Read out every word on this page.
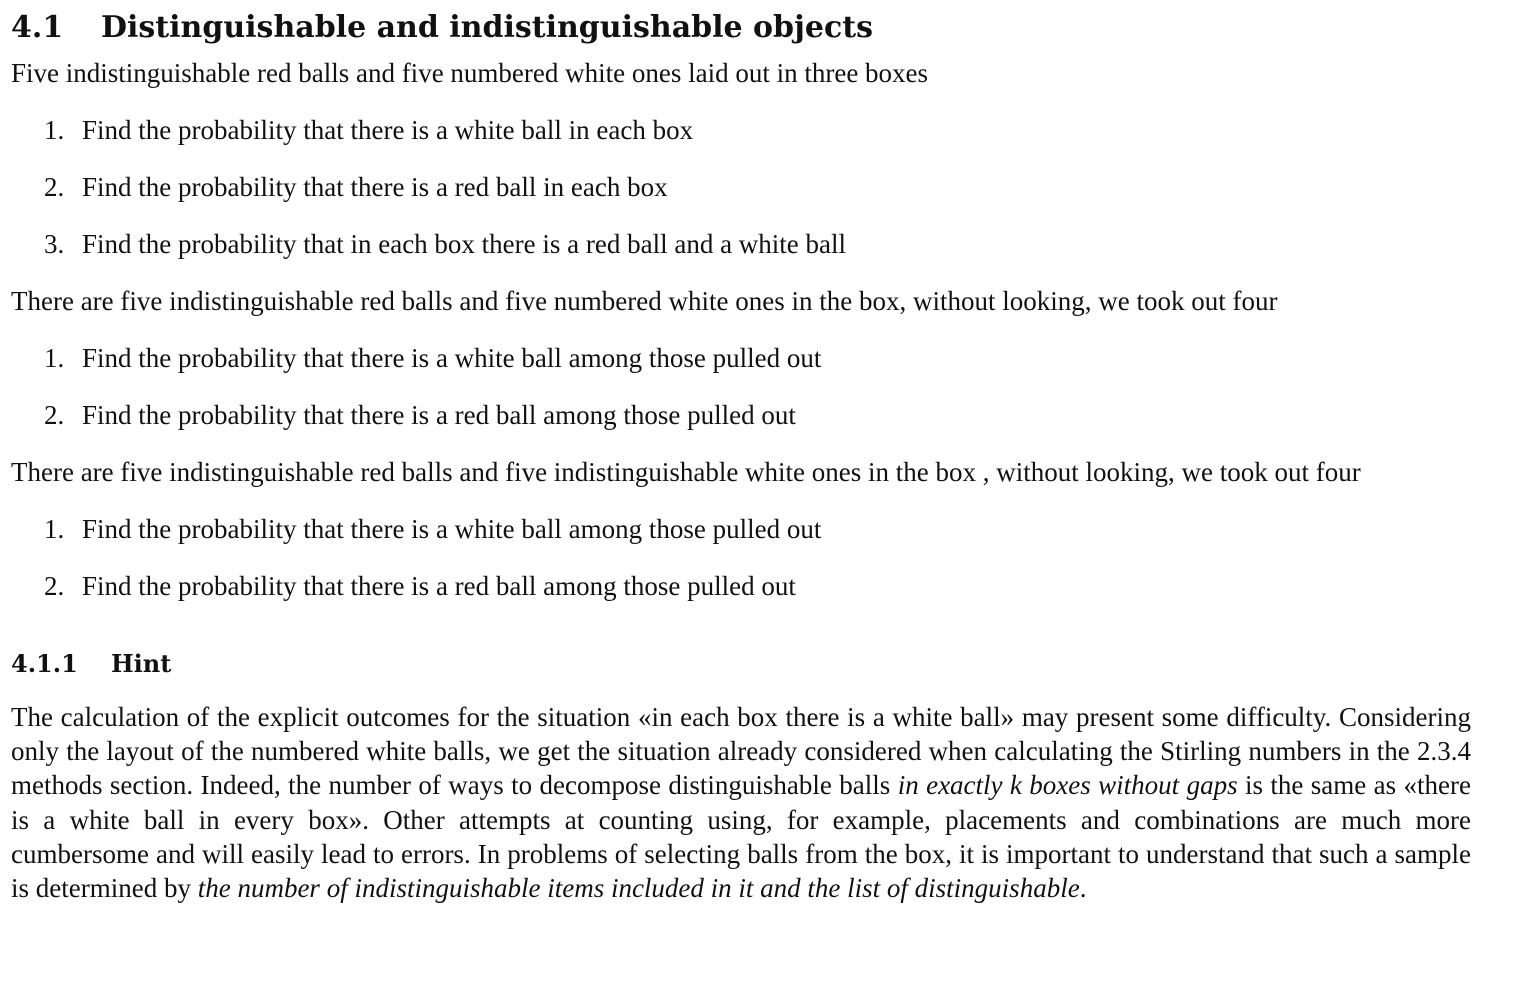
4.1 Distinguishable and indistinguishable objects

Five indistinguishable red balls and five numbered white ones laid out in three boxes

1. Find the probability that there is a white ball in each box
2. Find the probability that there is a red ball in each box
3. Find the probability that in each box there is a red ball and a white ball

There are five indistinguishable red balls and five numbered white ones in the box, without looking, we took out four

1. Find the probability that there is a white ball among those pulled out
2. Find the probability that there is a red ball among those pulled out

There are five indistinguishable red balls and five indistinguishable white ones in the box , without looking, we took out four

1. Find the probability that there is a white ball among those pulled out
2. Find the probability that there is a red ball among those pulled out
4.1.1 Hint

The calculation of the explicit outcomes for the situation «in each box there is a white ball» may present some difficulty. Considering only the layout of the numbered white balls, we get the situation already considered when calculating the Stirling numbers in the 2.3.4 methods section. Indeed, the number of ways to decompose distinguishable balls in exactly k boxes without gaps is the same as «there is a white ball in every box». Other attempts at counting using, for example, placements and combinations are much more cumbersome and will easily lead to errors. In problems of selecting balls from the box, it is important to understand that such a sample is determined by the number of indistinguishable items included in it and the list of distinguishable.
